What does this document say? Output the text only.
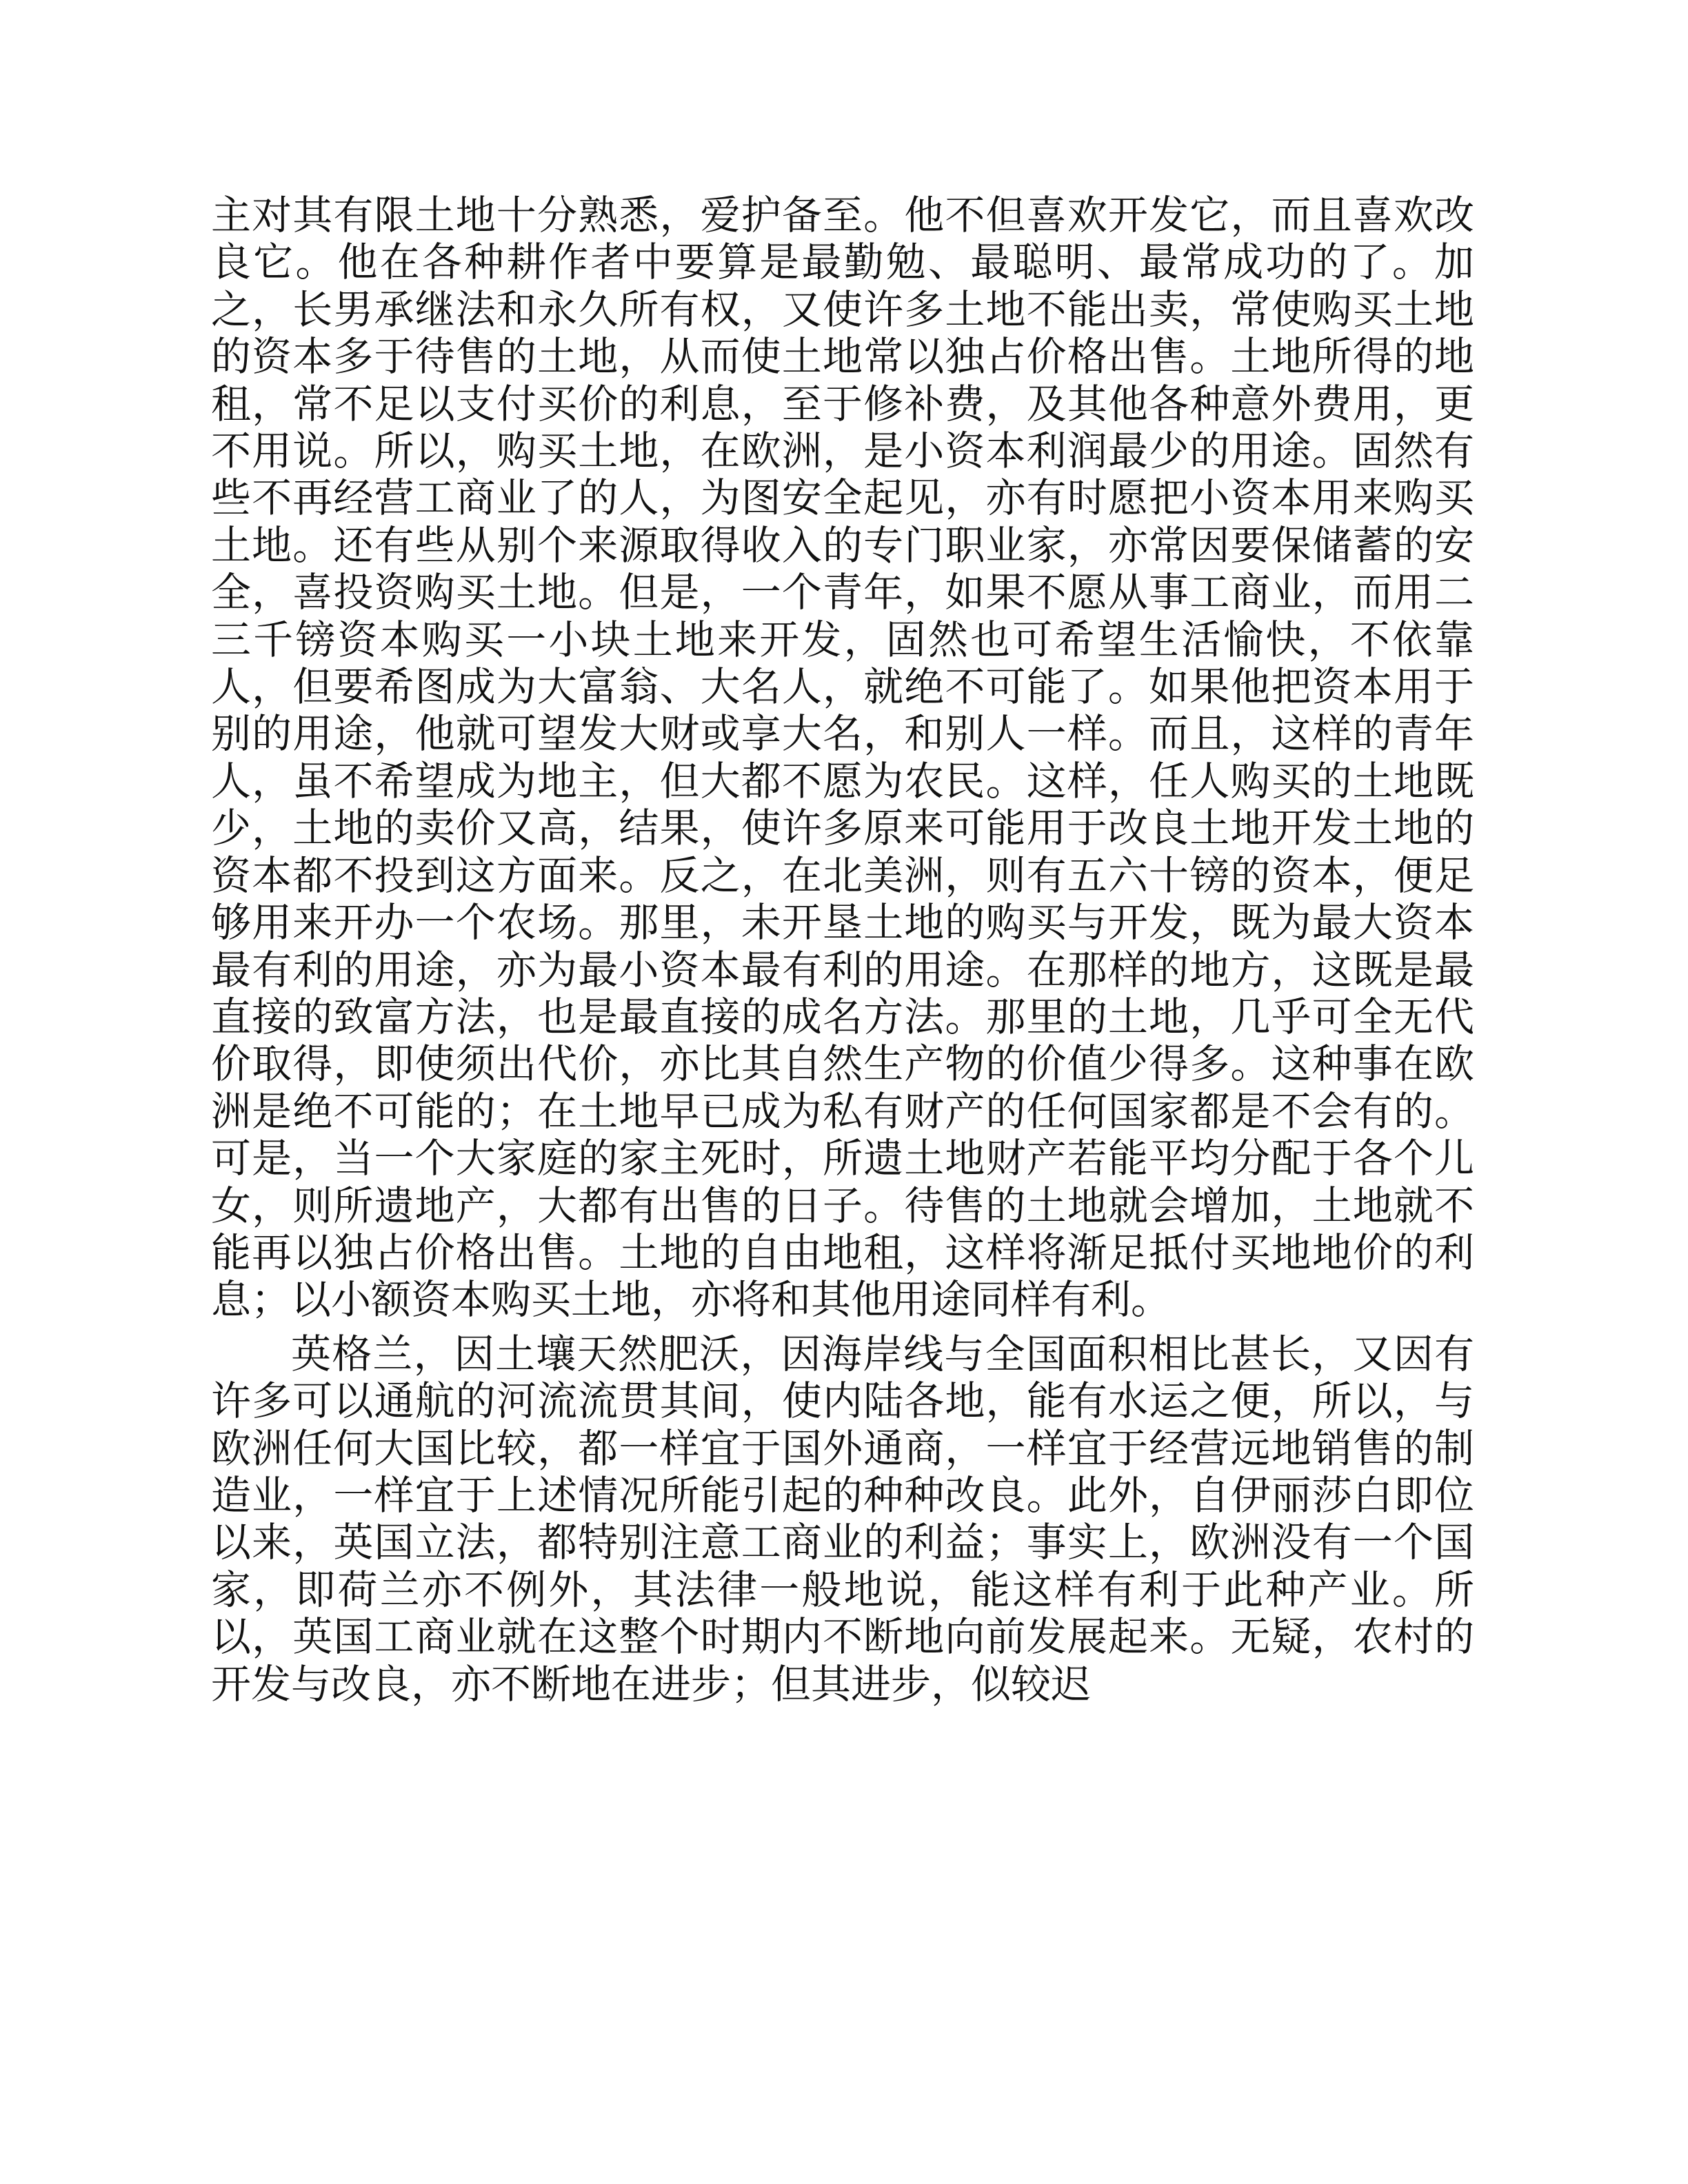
主对其有限土地十分熟悉，爱护备至。他不但喜欢开发它，而且喜欢改良它。他在各种耕作者中要算是最勤勉、最聪明、最常成功的了。加之，长男承继法和永久所有权，又使许多土地不能出卖，常使购买土地的资本多于待售的土地，从而使土地常以独占价格出售。土地所得的地租，常不足以支付买价的利息，至于修补费，及其他各种意外费用，更不用说。所以，购买土地，在欧洲，是小资本利润最少的用途。固然有些不再经营工商业了的人，为图安全起见，亦有时愿把小资本用来购买土地。还有些从别个来源取得收入的专门职业家，亦常因要保储蓄的安全，喜投资购买土地。但是，一个青年，如果不愿从事工商业，而用二三千镑资本购买一小块土地来开发，固然也可希望生活愉快，不依靠人，但要希图成为大富翁、大名人，就绝不可能了。如果他把资本用于别的用途，他就可望发大财或享大名，和别人一样。而且，这样的青年人，虽不希望成为地主，但大都不愿为农民。这样，任人购买的土地既少，土地的卖价又高，结果，使许多原来可能用于改良土地开发土地的资本都不投到这方面来。反之，在北美洲，则有五六十镑的资本，便足够用来开办一个农场。那里，未开垦土地的购买与开发，既为最大资本最有利的用途，亦为最小资本最有利的用途。在那样的地方，这既是最直接的致富方法，也是最直接的成名方法。那里的土地，几乎可全无代价取得，即使须出代价，亦比其自然生产物的价值少得多。这种事在欧洲是绝不可能的；在土地早已成为私有财产的任何国家都是不会有的。可是，当一个大家庭的家主死时，所遗土地财产若能平均分配于各个儿女，则所遗地产，大都有出售的日子。待售的土地就会增加，土地就不能再以独占价格出售。土地的自由地租，这样将渐足抵付买地地价的利息；以小额资本购买土地，亦将和其他用途同样有利。

英格兰，因土壤天然肥沃，因海岸线与全国面积相比甚长，又因有许多可以通航的河流流贯其间，使内陆各地，能有水运之便，所以，与欧洲任何大国比较，都一样宜于国外通商，一样宜于经营远地销售的制造业，一样宜于上述情况所能引起的种种改良。此外，自伊丽莎白即位以来，英国立法，都特别注意工商业的利益；事实上，欧洲没有一个国家，即荷兰亦不例外，其法律一般地说，能这样有利于此种产业。所以，英国工商业就在这整个时期内不断地向前发展起来。无疑，农村的开发与改良，亦不断地在进步；但其进步，似较迟
